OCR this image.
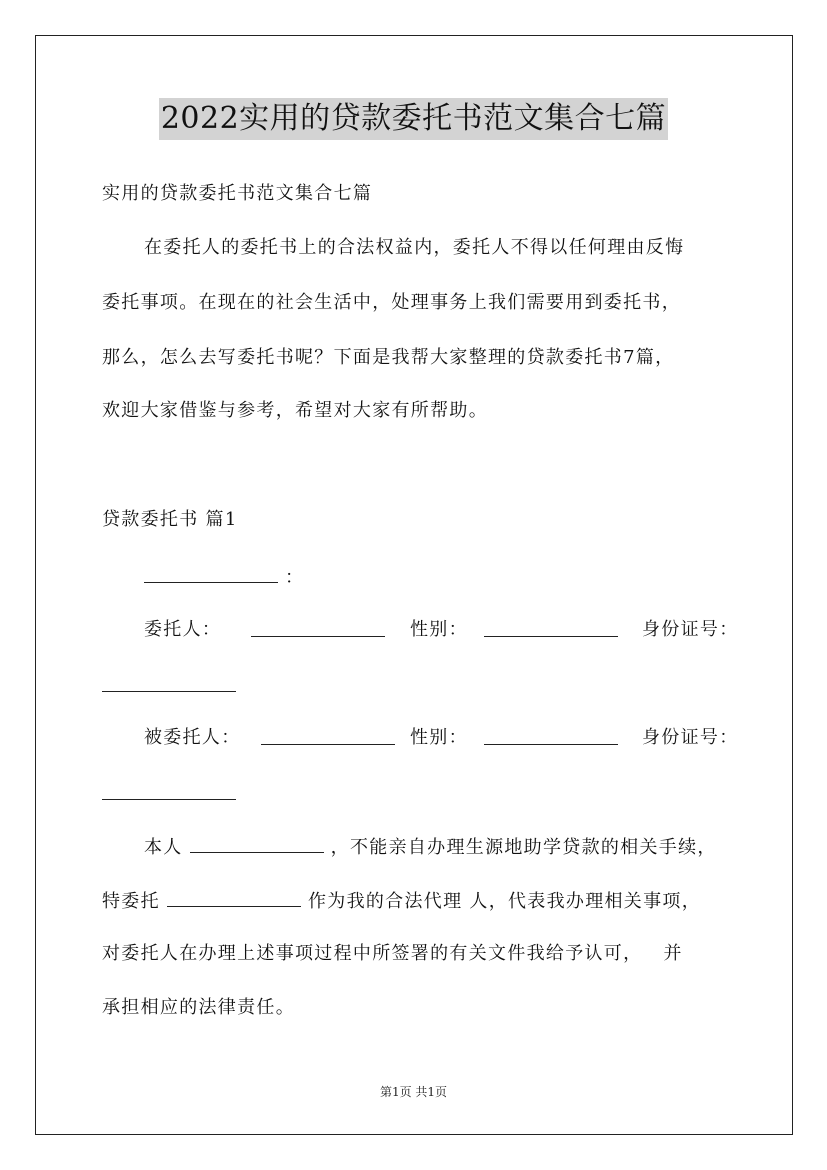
2022实用的贷款委托书范文集合七篇
实用的贷款委托书范文集合七篇
在委托人的委托书上的合法权益内，委托人不得以任何理由反悔
委托事项。在现在的社会生活中，处理事务上我们需要用到委托书，
那么，怎么去写委托书呢？下面是我帮大家整理的贷款委托书7篇，
欢迎大家借鉴与参考，希望对大家有所帮助。
贷款委托书 篇1
：
委托人：	性别：	身份证号：
被委托人：	性别：	身份证号：
本人	，不能亲自办理生源地助学贷款的相关手续，
特委托	作为我的合法代理 人，代表我办理相关事项，
对委托人在办理上述事项过程中所签署的有关文件我给予认可，   并
承担相应的法律责任。
第1页 共1页
